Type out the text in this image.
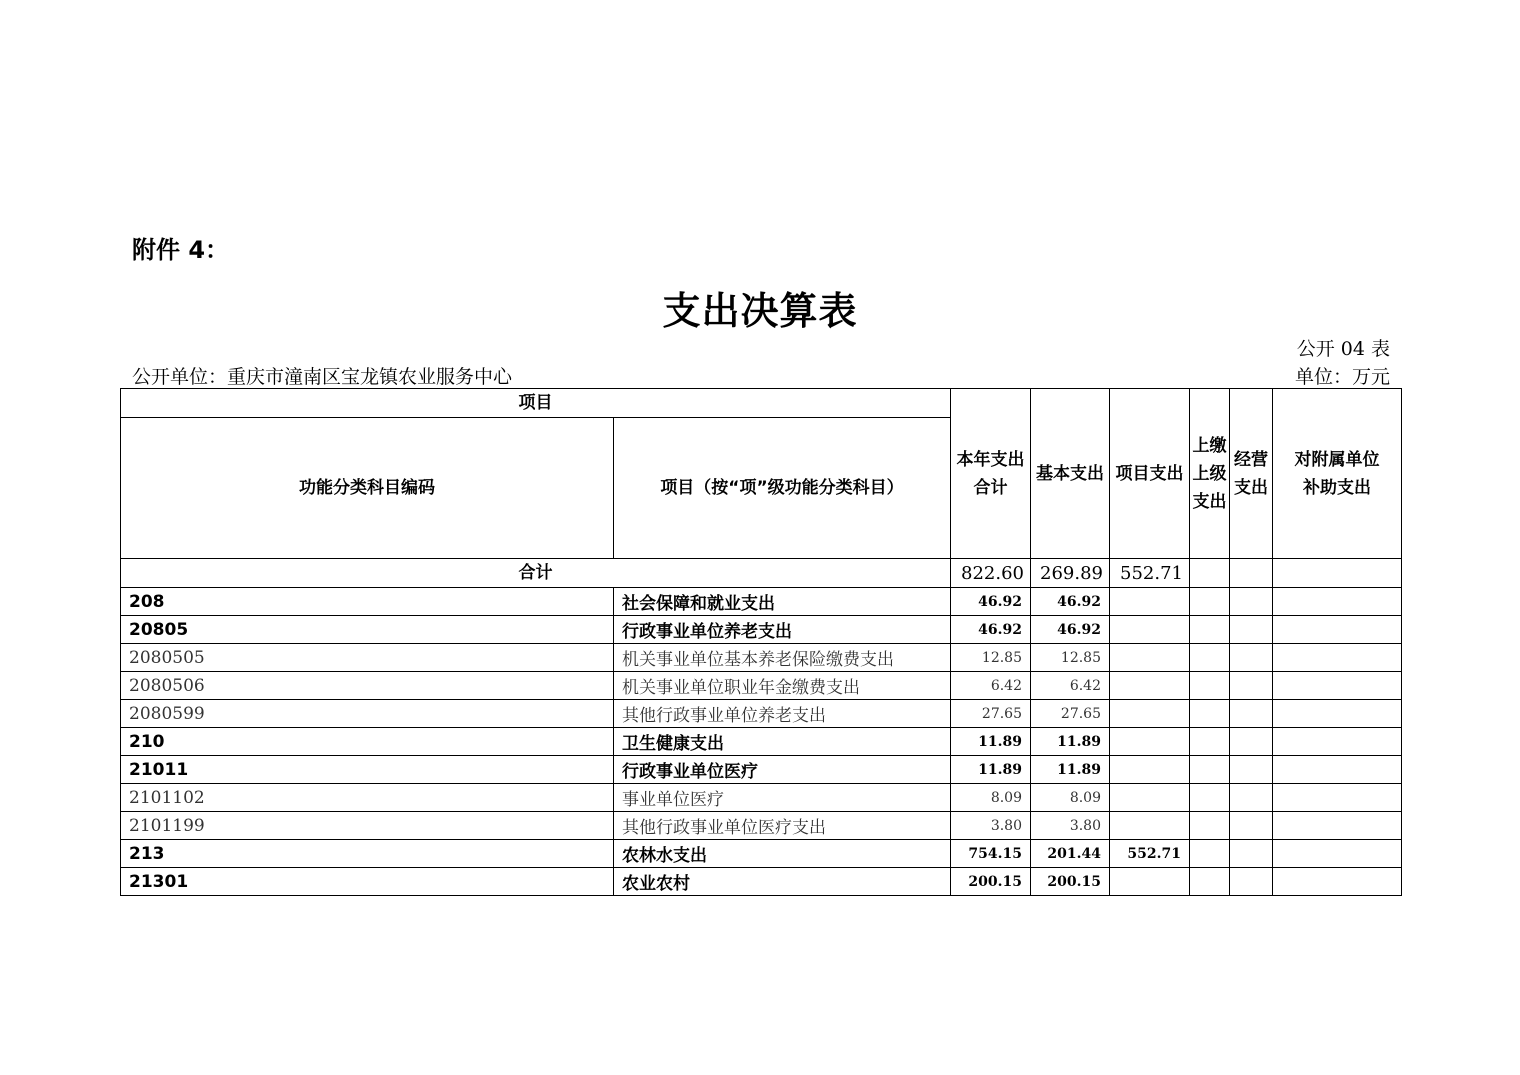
附件 4：
支出决算表
公开 04 表
公开单位：重庆市潼南区宝龙镇农业服务中心	单位：万元
项目		本年支出合计	基本支出	项目支出	上缴上级支出	经营支出	对附属单位补助支出
功能分类科目编码	项目（按“项”级功能分类科目）						
合计		822.60	269.89	552.71			
208	社会保障和就业支出	46.92	46.92				
20805	行政事业单位养老支出	46.92	46.92				
2080505	机关事业单位基本养老保险缴费支出	12.85	12.85				
2080506	机关事业单位职业年金缴费支出	6.42	6.42				
2080599	其他行政事业单位养老支出	27.65	27.65				
210	卫生健康支出	11.89	11.89				
21011	行政事业单位医疗	11.89	11.89				
2101102	事业单位医疗	8.09	8.09				
2101199	其他行政事业单位医疗支出	3.80	3.80				
213	农林水支出	754.15	201.44	552.71			
21301	农业农村	200.15	200.15				
